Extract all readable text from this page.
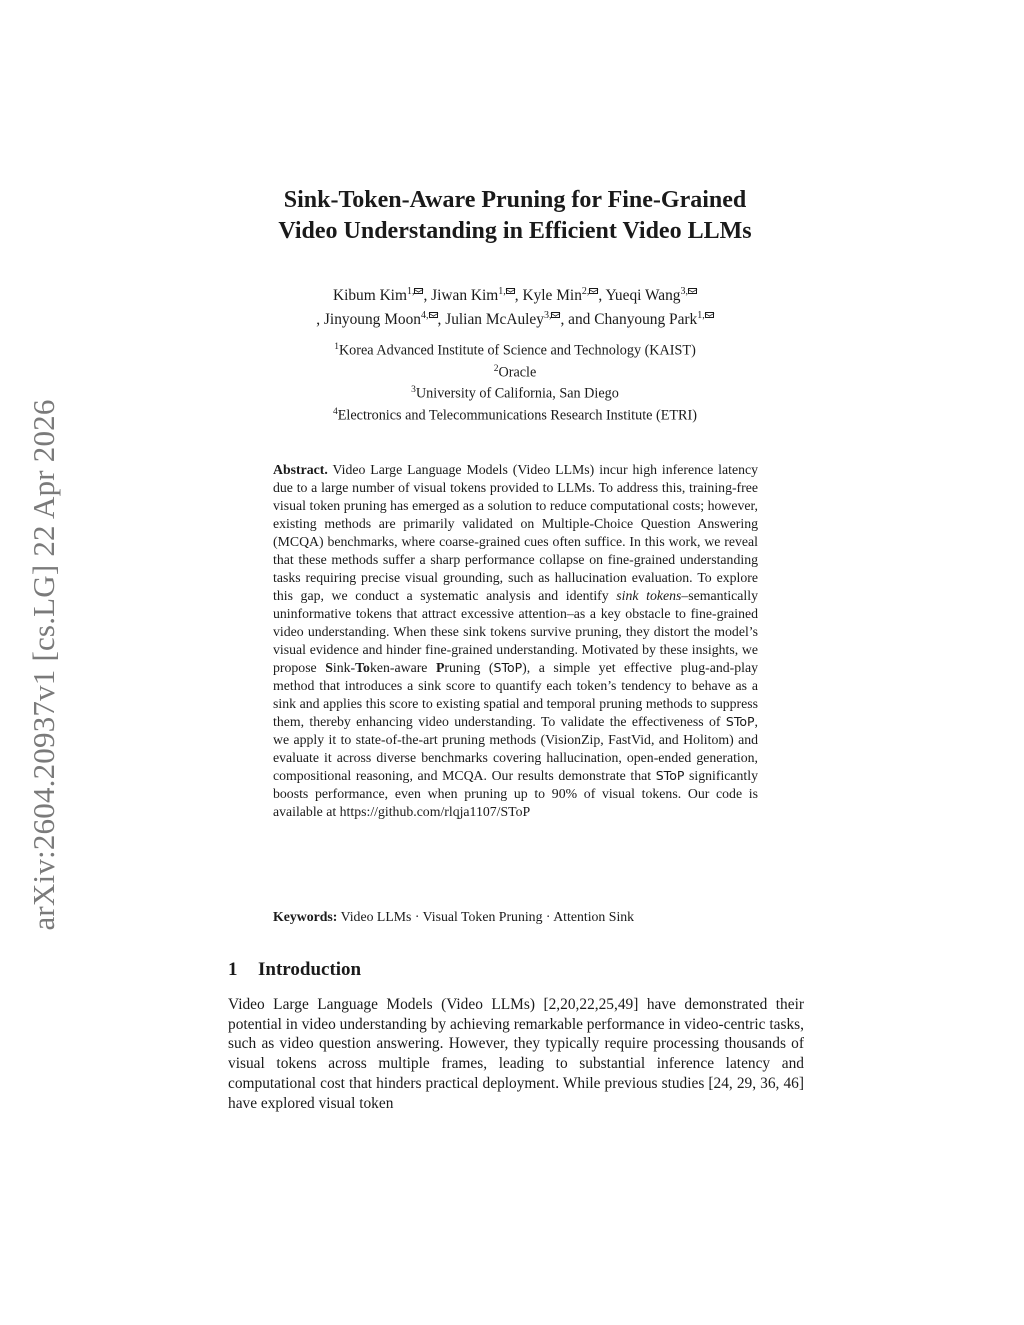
arXiv:2604.20937v1 [cs.LG] 22 Apr 2026
Sink-Token-Aware Pruning for Fine-Grained
Video Understanding in Efficient Video LLMs
Kibum Kim$^{1,}$ , Jiwan Kim$^{1,}$ , Kyle Min$^{2,}$ , Yueqi Wang$^{3,}$
, Jinyoung Moon$^{4,}$ , Julian McAuley$^{3,}$ , and Chanyoung Park$^{1,}$
$^1$Korea Advanced Institute of Science and Technology (KAIST)
$^2$Oracle
$^3$University of California, San Diego
$^4$Electronics and Telecommunications Research Institute (ETRI)
Abstract. Video Large Language Models (Video LLMs) incur high inference latency due to a large number of visual tokens provided to LLMs. To address this, training-free visual token pruning has emerged as a solution to reduce computational costs; however, existing methods are primarily validated on Multiple-Choice Question Answering (MCQA) benchmarks, where coarse-grained cues often suffice. In this work, we reveal that these methods suffer a sharp performance collapse on fine-grained understanding tasks requiring precise visual grounding, such as hallucination evaluation. To explore this gap, we conduct a systematic analysis and identify sink tokens–semantically uninformative tokens that attract excessive attention–as a key obstacle to fine-grained video understanding. When these sink tokens survive pruning, they distort the model’s visual evidence and hinder fine-grained understanding. Motivated by these insights, we propose Sink-Token-aware Pruning (SToP), a simple yet effective plug-and-play method that introduces a sink score to quantify each token’s tendency to behave as a sink and applies this score to existing spatial and temporal pruning methods to suppress them, thereby enhancing video understanding. To validate the effectiveness of SToP, we apply it to state-of-the-art pruning methods (VisionZip, FastVid, and Holitom) and evaluate it across diverse benchmarks covering hallucination, open-ended generation, compositional reasoning, and MCQA. Our results demonstrate that SToP significantly boosts performance, even when pruning up to 90% of visual tokens. Our code is available at https://github.com/rlqja1107/SToP
Keywords: Video LLMs · Visual Token Pruning · Attention Sink
1 Introduction
Video Large Language Models (Video LLMs) [2,20,22,25,49] have demonstrated their potential in video understanding by achieving remarkable performance in video-centric tasks, such as video question answering. However, they typically require processing thousands of visual tokens across multiple frames, leading to substantial inference latency and computational cost that hinders practical deployment. While previous studies [24, 29, 36, 46] have explored visual token
